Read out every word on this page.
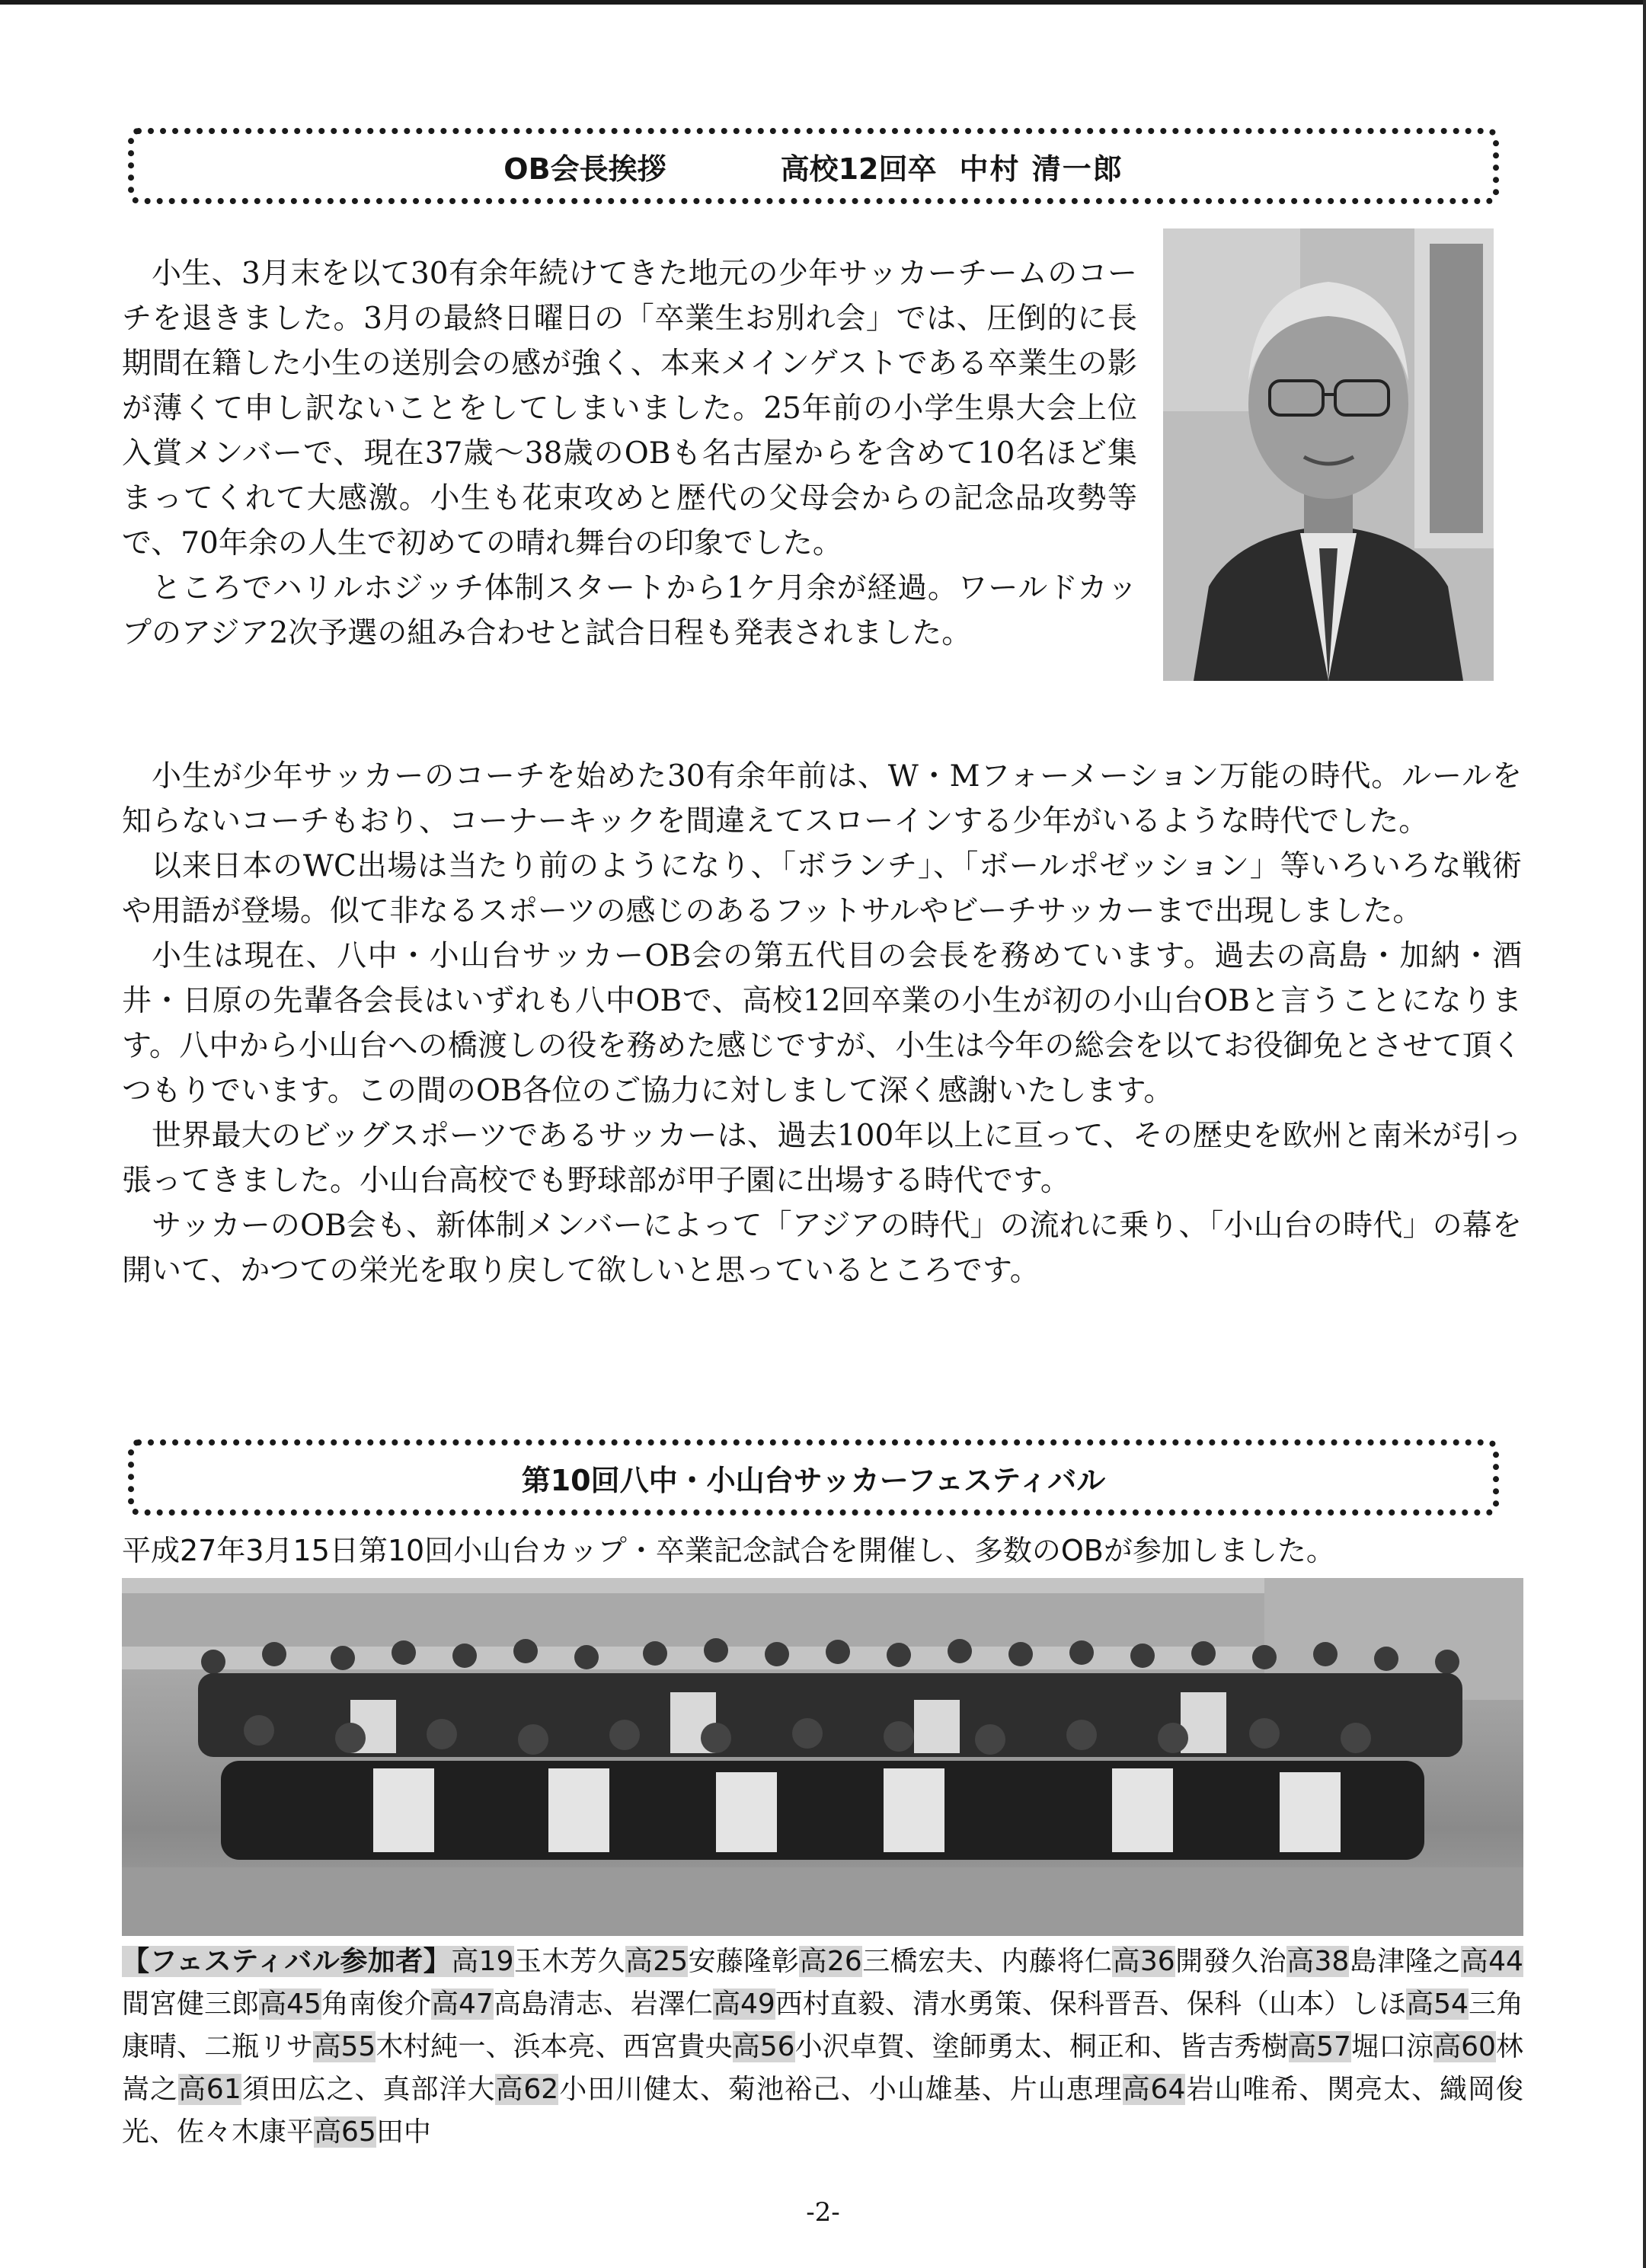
OB会長挨拶	高校12回卒 中村 清一郎

小生、3月末を以て30有余年続けてきた地元の少年サッカーチームのコーチを退きました。3月の最終日曜日の「卒業生お別れ会」では、圧倒的に長期間在籍した小生の送別会の感が強く、本来メインゲストである卒業生の影が薄くて申し訳ないことをしてしまいました。25年前の小学生県大会上位入賞メンバーで、現在37歳～38歳のOBも名古屋からを含めて10名ほど集まってくれて大感激。小生も花束攻めと歴代の父母会からの記念品攻勢等で、70年余の人生で初めての晴れ舞台の印象でした。

ところでハリルホジッチ体制スタートから1ケ月余が経過。ワールドカップのアジア2次予選の組み合わせと試合日程も発表されました。

小生が少年サッカーのコーチを始めた30有余年前は、W・Mフォーメーション万能の時代。ルールを知らないコーチもおり、コーナーキックを間違えてスローインする少年がいるような時代でした。

以来日本のWC出場は当たり前のようになり、「ボランチ」、「ボールポゼッション」等いろいろな戦術や用語が登場。似て非なるスポーツの感じのあるフットサルやビーチサッカーまで出現しました。

小生は現在、八中・小山台サッカーOB会の第五代目の会長を務めています。過去の高島・加納・酒井・日原の先輩各会長はいずれも八中OBで、高校12回卒業の小生が初の小山台OBと言うことになります。八中から小山台への橋渡しの役を務めた感じですが、小生は今年の総会を以てお役御免とさせて頂くつもりでいます。この間のOB各位のご協力に対しまして深く感謝いたします。

世界最大のビッグスポーツであるサッカーは、過去100年以上に亘って、その歴史を欧州と南米が引っ張ってきました。小山台高校でも野球部が甲子園に出場する時代です。

サッカーのOB会も、新体制メンバーによって「アジアの時代」の流れに乗り、「小山台の時代」の幕を開いて、かつての栄光を取り戻して欲しいと思っているところです。

第10回八中・小山台サッカーフェスティバル
平成27年3月15日第10回小山台カップ・卒業記念試合を開催し、多数のOBが参加しました。
【フェスティバル参加者】高19玉木芳久高25安藤隆彰高26三橋宏夫、内藤将仁高36開發久治高38島津隆之高44間宮健三郎高45角南俊介高47高島清志、岩澤仁高49西村直毅、清水勇策、保科晋吾、保科（山本）しほ高54三角康晴、二瓶リサ高55木村純一、浜本亮、西宮貴央高56小沢卓賀、塗師勇太、桐正和、皆吉秀樹高57堀口涼高60林嵩之高61須田広之、真部洋大高62小田川健太、菊池裕己、小山雄基、片山恵理高64岩山唯希、関亮太、織岡俊光、佐々木康平高65田中
-2-
